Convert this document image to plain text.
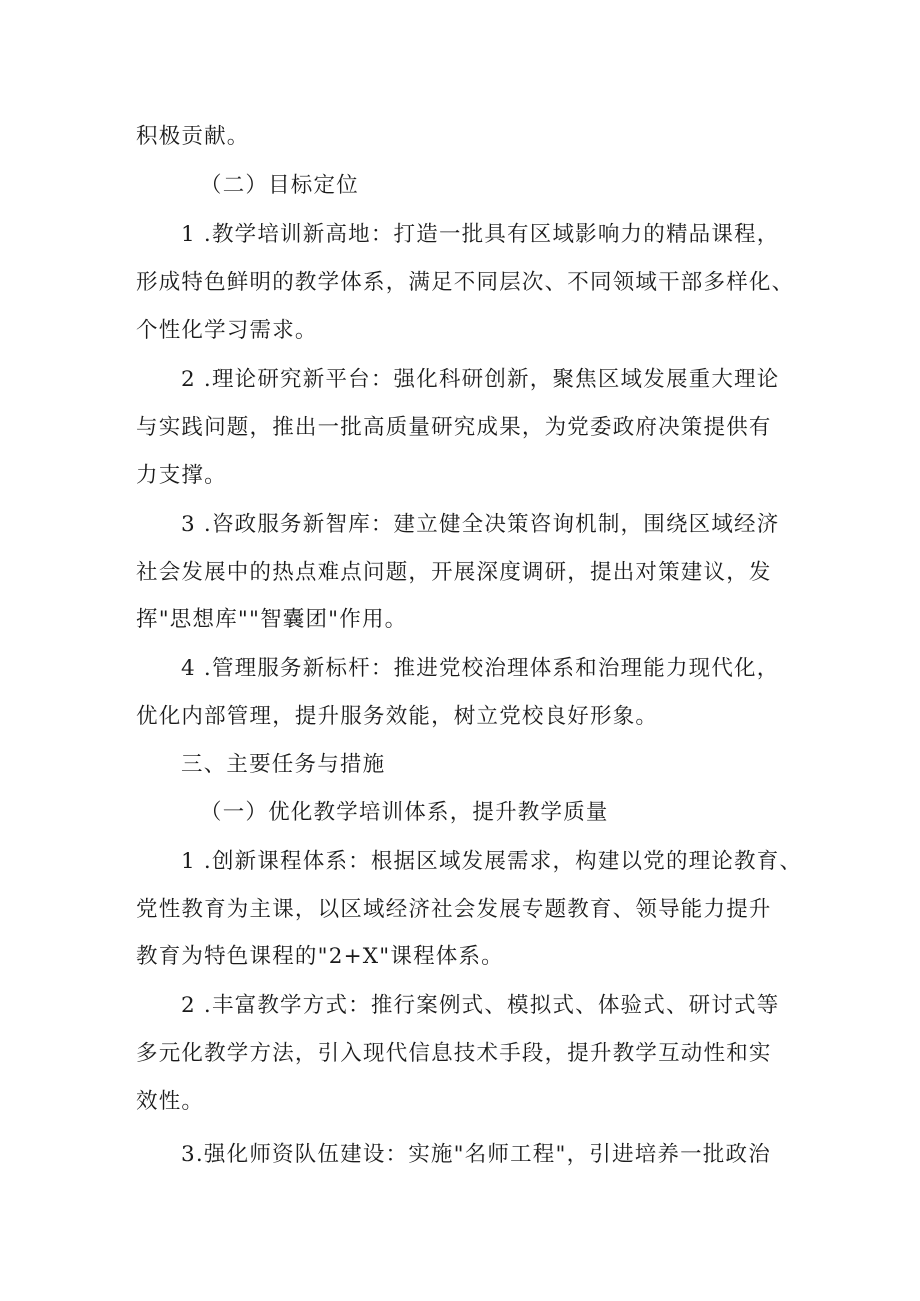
积极贡献。
（二）目标定位
1 .教学培训新高地：打造一批具有区域影响力的精品课程，
形成特色鲜明的教学体系，满足不同层次、不同领域干部多样化、
个性化学习需求。
2 .理论研究新平台：强化科研创新，聚焦区域发展重大理论
与实践问题，推出一批高质量研究成果，为党委政府决策提供有
力支撑。
3 .咨政服务新智库：建立健全决策咨询机制，围绕区域经济
社会发展中的热点难点问题，开展深度调研，提出对策建议，发
挥"思想库""智囊团"作用。
4 .管理服务新标杆：推进党校治理体系和治理能力现代化，
优化内部管理，提升服务效能，树立党校良好形象。
三、主要任务与措施
（一）优化教学培训体系，提升教学质量
1 .创新课程体系：根据区域发展需求，构建以党的理论教育、
党性教育为主课，以区域经济社会发展专题教育、领导能力提升
教育为特色课程的"2+X"课程体系。
2 .丰富教学方式：推行案例式、模拟式、体验式、研讨式等
多元化教学方法，引入现代信息技术手段，提升教学互动性和实
效性。
3.强化师资队伍建设：实施"名师工程"，引进培养一批政治
